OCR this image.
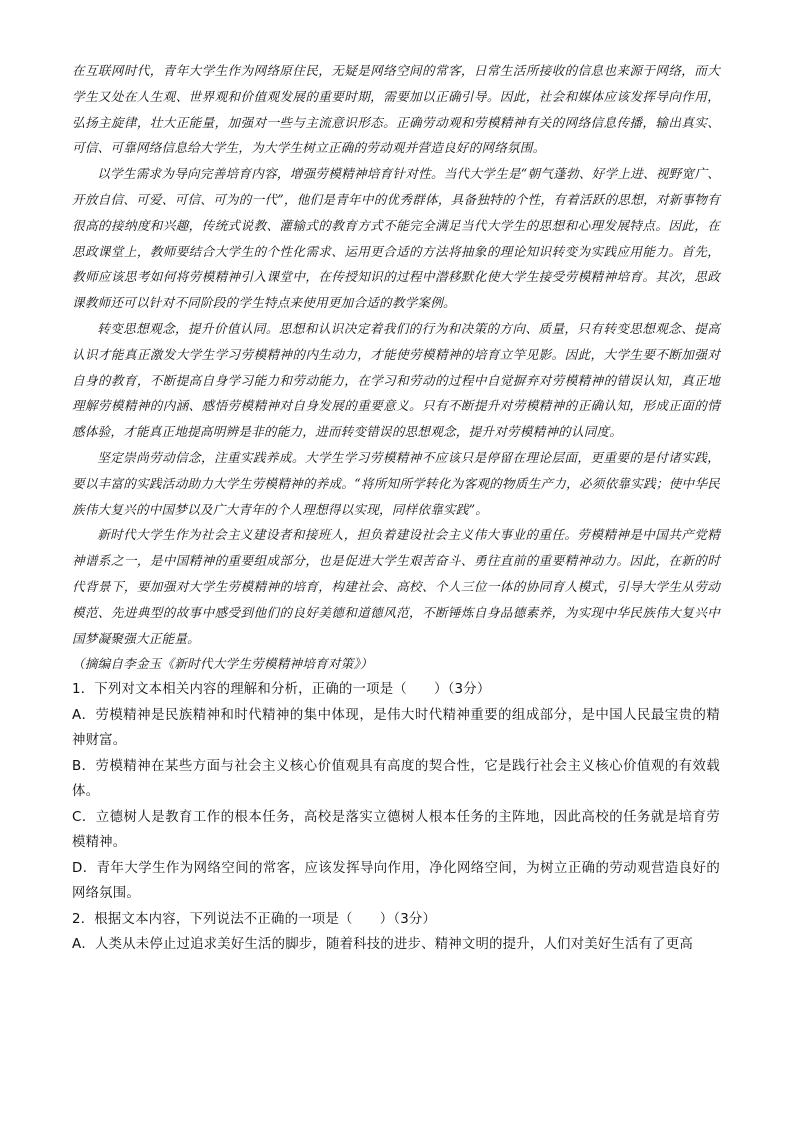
在互联网时代，青年大学生作为网络原住民，无疑是网络空间的常客，日常生活所接收的信息也来源于网络，而大学生又处在人生观、世界观和价值观发展的重要时期，需要加以正确引导。因此，社会和媒体应该发挥导向作用，弘扬主旋律，壮大正能量，加强对一些与主流意识形态。正确劳动观和劳模精神有关的网络信息传播，输出真实、可信、可靠网络信息给大学生，为大学生树立正确的劳动观并营造良好的网络氛围。

以学生需求为导向完善培育内容，增强劳模精神培育针对性。当代大学生是“朝气蓬勃、好学上进、视野宽广、开放自信、可爱、可信、可为的一代”，他们是青年中的优秀群体，具备独特的个性，有着活跃的思想，对新事物有很高的接纳度和兴趣，传统式说教、灌输式的教育方式不能完全满足当代大学生的思想和心理发展特点。因此，在思政课堂上，教师要结合大学生的个性化需求、运用更合适的方法将抽象的理论知识转变为实践应用能力。首先，教师应该思考如何将劳模精神引入课堂中，在传授知识的过程中潜移默化使大学生接受劳模精神培育。其次，思政课教师还可以针对不同阶段的学生特点来使用更加合适的教学案例。

转变思想观念，提升价值认同。思想和认识决定着我们的行为和决策的方向、质量，只有转变思想观念、提高认识才能真正激发大学生学习劳模精神的内生动力，才能使劳模精神的培育立竿见影。因此，大学生要不断加强对自身的教育，不断提高自身学习能力和劳动能力，在学习和劳动的过程中自觉摒弃对劳模精神的错误认知，真正地理解劳模精神的内涵、感悟劳模精神对自身发展的重要意义。只有不断提升对劳模精神的正确认知，形成正面的情感体验，才能真正地提高明辨是非的能力，进而转变错误的思想观念，提升对劳模精神的认同度。

坚定崇尚劳动信念，注重实践养成。大学生学习劳模精神不应该只是停留在理论层面，更重要的是付诸实践，要以丰富的实践活动助力大学生劳模精神的养成。“将所知所学转化为客观的物质生产力，必须依靠实践；使中华民族伟大复兴的中国梦以及广大青年的个人理想得以实现，同样依靠实践”。

新时代大学生作为社会主义建设者和接班人，担负着建设社会主义伟大事业的重任。劳模精神是中国共产党精神谱系之一，是中国精神的重要组成部分，也是促进大学生艰苦奋斗、勇往直前的重要精神动力。因此，在新的时代背景下，要加强对大学生劳模精神的培育，构建社会、高校、个人三位一体的协同育人模式，引导大学生从劳动模范、先进典型的故事中感受到他们的良好美德和道德风范，不断锤炼自身品德素养，为实现中华民族伟大复兴中国梦凝聚强大正能量。

（摘编自李金玉《新时代大学生劳模精神培育对策》）

1．下列对文本相关内容的理解和分析，正确的一项是（　　）（3分）

A．劳模精神是民族精神和时代精神的集中体现，是伟大时代精神重要的组成部分，是中国人民最宝贵的精神财富。

B．劳模精神在某些方面与社会主义核心价值观具有高度的契合性，它是践行社会主义核心价值观的有效载体。

C．立德树人是教育工作的根本任务，高校是落实立德树人根本任务的主阵地，因此高校的任务就是培育劳模精神。

D．青年大学生作为网络空间的常客，应该发挥导向作用，净化网络空间，为树立正确的劳动观营造良好的网络氛围。

2．根据文本内容，下列说法不正确的一项是（　　）（3分）

A．人类从未停止过追求美好生活的脚步，随着科技的进步、精神文明的提升，人们对美好生活有了更高
